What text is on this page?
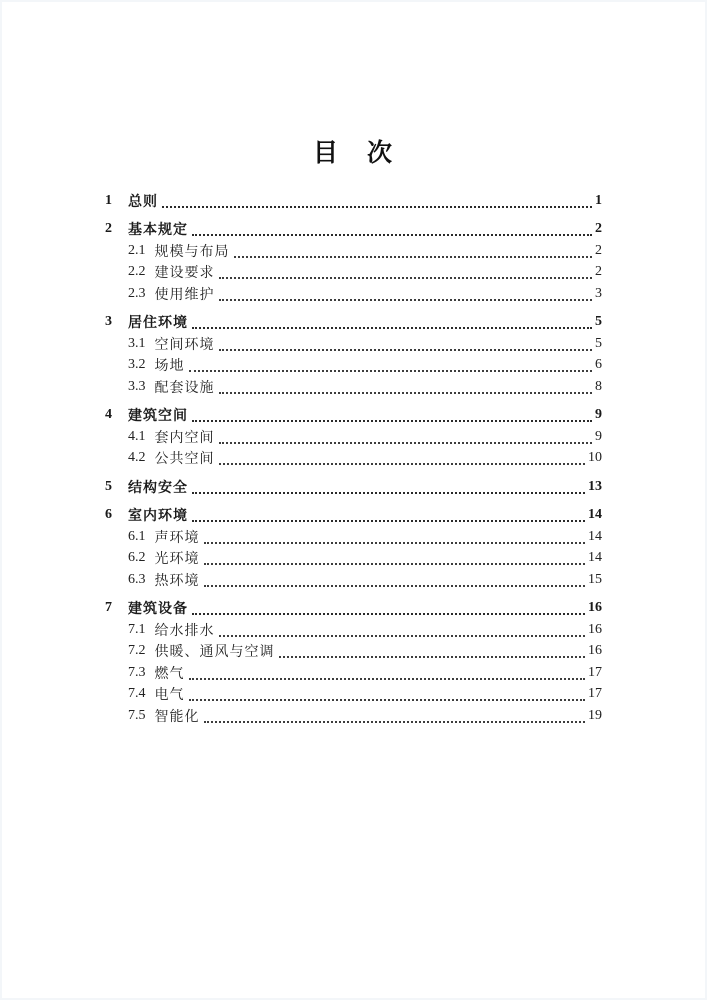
目　次
1	总则	1
2	基本规定	2
2.1 规模与布局	2
2.2 建设要求	2
2.3 使用维护	3
3	居住环境	5
3.1 空间环境	5
3.2 场地	6
3.3 配套设施	8
4	建筑空间	9
4.1 套内空间	9
4.2 公共空间	10
5	结构安全	13
6	室内环境	14
6.1 声环境	14
6.2 光环境	14
6.3 热环境	15
7	建筑设备	16
7.1 给水排水	16
7.2 供暖、通风与空调	16
7.3 燃气	17
7.4 电气	17
7.5 智能化	19
